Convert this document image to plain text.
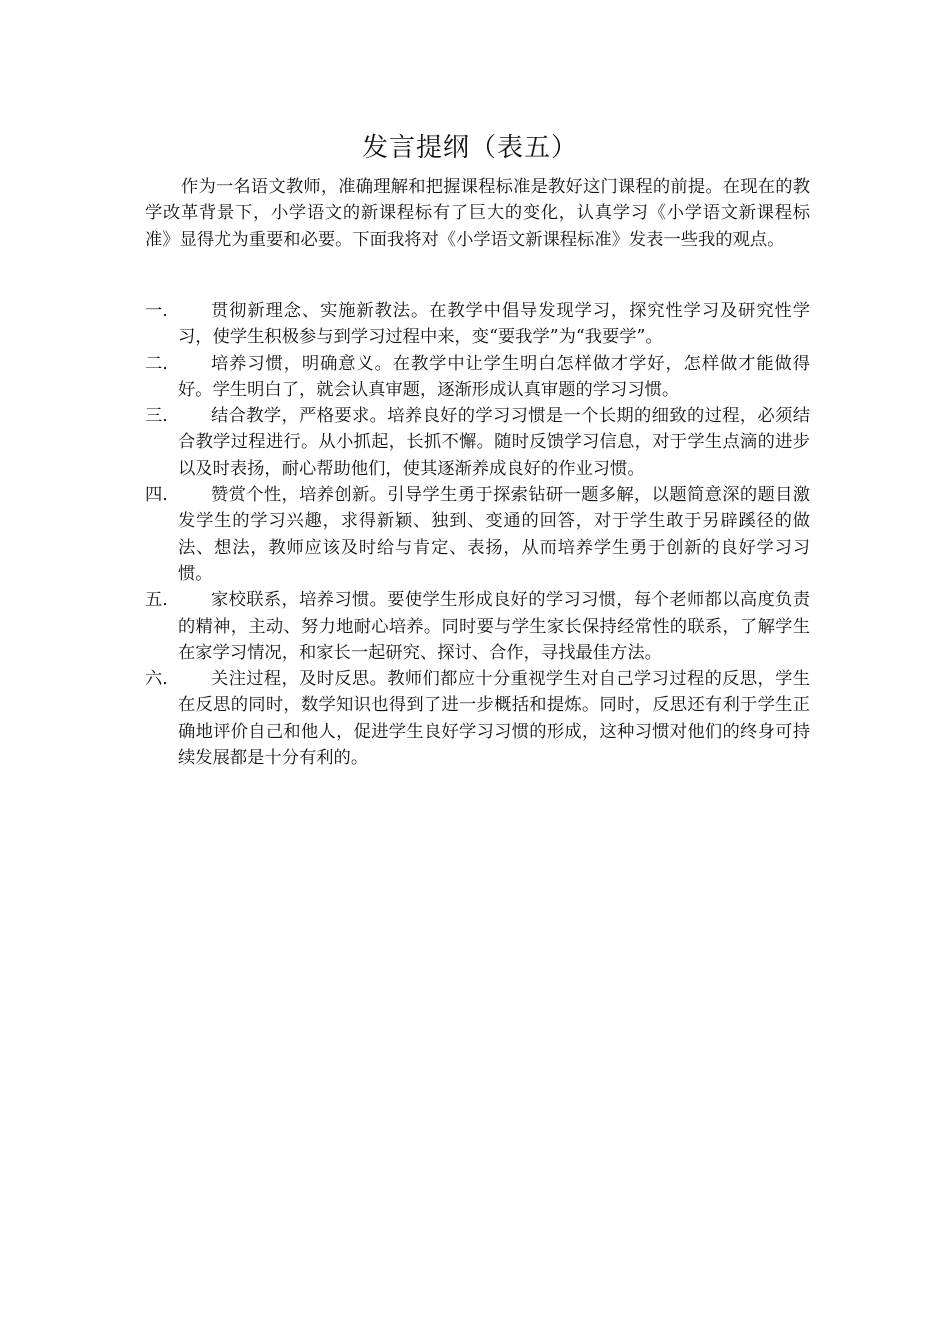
发言提纲（表五）

作为一名语文教师，准确理解和把握课程标准是教好这门课程的前提。在现在的教学改革背景下，小学语文的新课程标有了巨大的变化，认真学习《小学语文新课程标准》显得尤为重要和必要。下面我将对《小学语文新课程标准》发表一些我的观点。

一.	贯彻新理念、实施新教法。在教学中倡导发现学习，探究性学习及研究性学习，使学生积极参与到学习过程中来，变“要我学”为“我要学”。
二.	培养习惯，明确意义。在教学中让学生明白怎样做才学好，怎样做才能做得好。学生明白了，就会认真审题，逐渐形成认真审题的学习习惯。
三.	结合教学，严格要求。培养良好的学习习惯是一个长期的细致的过程，必须结合教学过程进行。从小抓起，长抓不懈。随时反馈学习信息，对于学生点滴的进步以及时表扬，耐心帮助他们，使其逐渐养成良好的作业习惯。
四.	赞赏个性，培养创新。引导学生勇于探索钻研一题多解，以题简意深的题目激发学生的学习兴趣，求得新颖、独到、变通的回答，对于学生敢于另辟蹊径的做法、想法，教师应该及时给与肯定、表扬，从而培养学生勇于创新的良好学习习惯。
五.	家校联系，培养习惯。要使学生形成良好的学习习惯，每个老师都以高度负责的精神，主动、努力地耐心培养。同时要与学生家长保持经常性的联系，了解学生在家学习情况，和家长一起研究、探讨、合作，寻找最佳方法。
六.	关注过程，及时反思。教师们都应十分重视学生对自己学习过程的反思，学生在反思的同时，数学知识也得到了进一步概括和提炼。同时，反思还有利于学生正确地评价自己和他人，促进学生良好学习习惯的形成，这种习惯对他们的终身可持续发展都是十分有利的。
